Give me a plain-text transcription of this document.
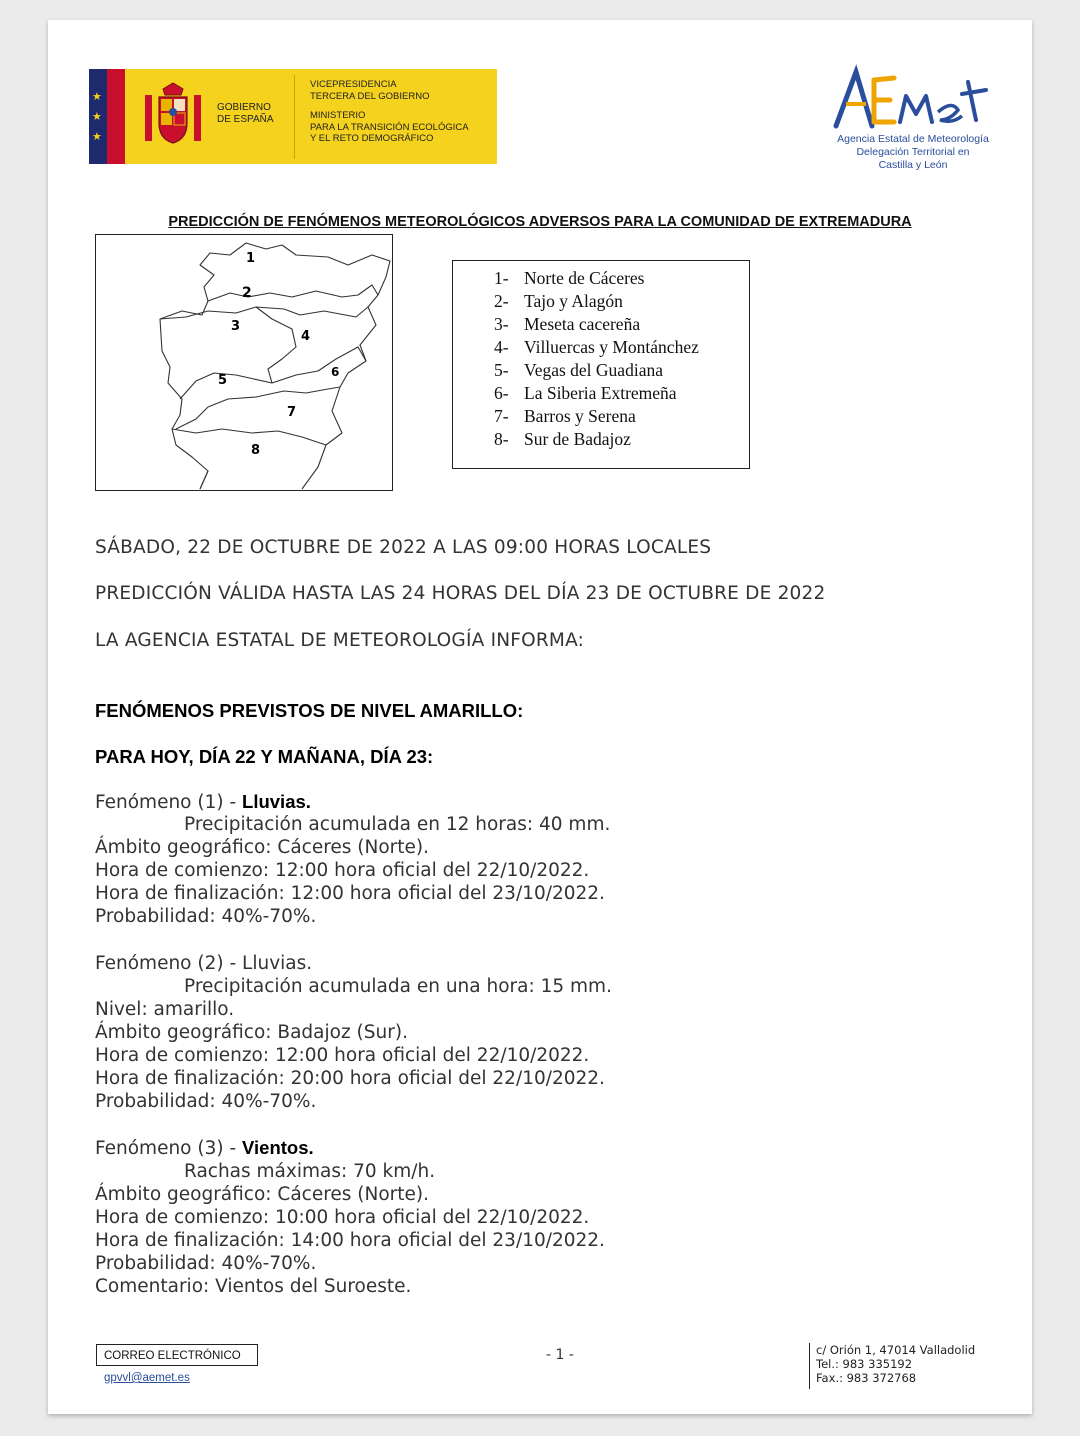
★
★
★
GOBIERNO
DE ESPAÑA
VICEPRESIDENCIA
TERCERA DEL GOBIERNO
MINISTERIO
PARA LA TRANSICIÓN ECOLÓGICA
Y EL RETO DEMOGRÁFICO	Agencia Estatal de Meteorología
Delegación Territorial en
Castilla y León
PREDICCIÓN DE FENÓMENOS METEOROLÓGICOS ADVERSOS PARA LA COMUNIDAD DE EXTREMADURA
1
2
3
4
5
6
7
8
1- Norte de Cáceres
2- Tajo y Alagón
3- Meseta cacereña
4- Villuercas y Montánchez
5- Vegas del Guadiana
6- La Siberia Extremeña
7- Barros y Serena
8- Sur de Badajoz
SÁBADO, 22 DE OCTUBRE DE 2022 A LAS 09:00 HORAS LOCALES
PREDICCIÓN VÁLIDA HASTA LAS 24 HORAS DEL DÍA 23 DE OCTUBRE DE 2022
LA AGENCIA ESTATAL DE METEOROLOGÍA INFORMA:
FENÓMENOS PREVISTOS DE NIVEL AMARILLO:
PARA HOY, DÍA 22 Y MAÑANA, DÍA 23:
Fenómeno (1) - Lluvias.
Precipitación acumulada en 12 horas: 40 mm.
Ámbito geográfico: Cáceres (Norte).
Hora de comienzo: 12:00 hora oficial del 22/10/2022.
Hora de finalización: 12:00 hora oficial del 23/10/2022.
Probabilidad: 40%-70%.
Fenómeno (2) - Lluvias.
Precipitación acumulada en una hora: 15 mm.
Nivel: amarillo.
Ámbito geográfico: Badajoz (Sur).
Hora de comienzo: 12:00 hora oficial del 22/10/2022.
Hora de finalización: 20:00 hora oficial del 22/10/2022.
Probabilidad: 40%-70%.
Fenómeno (3) - Vientos.
Rachas máximas: 70 km/h.
Ámbito geográfico: Cáceres (Norte).
Hora de comienzo: 10:00 hora oficial del 22/10/2022.
Hora de finalización: 14:00 hora oficial del 23/10/2022.
Probabilidad: 40%-70%.
Comentario: Vientos del Suroeste.
CORREO ELECTRÓNICO
gpvvl@aemet.es
- 1 -	c/ Orión 1, 47014 Valladolid
Tel.: 983 335192
Fax.: 983 372768
